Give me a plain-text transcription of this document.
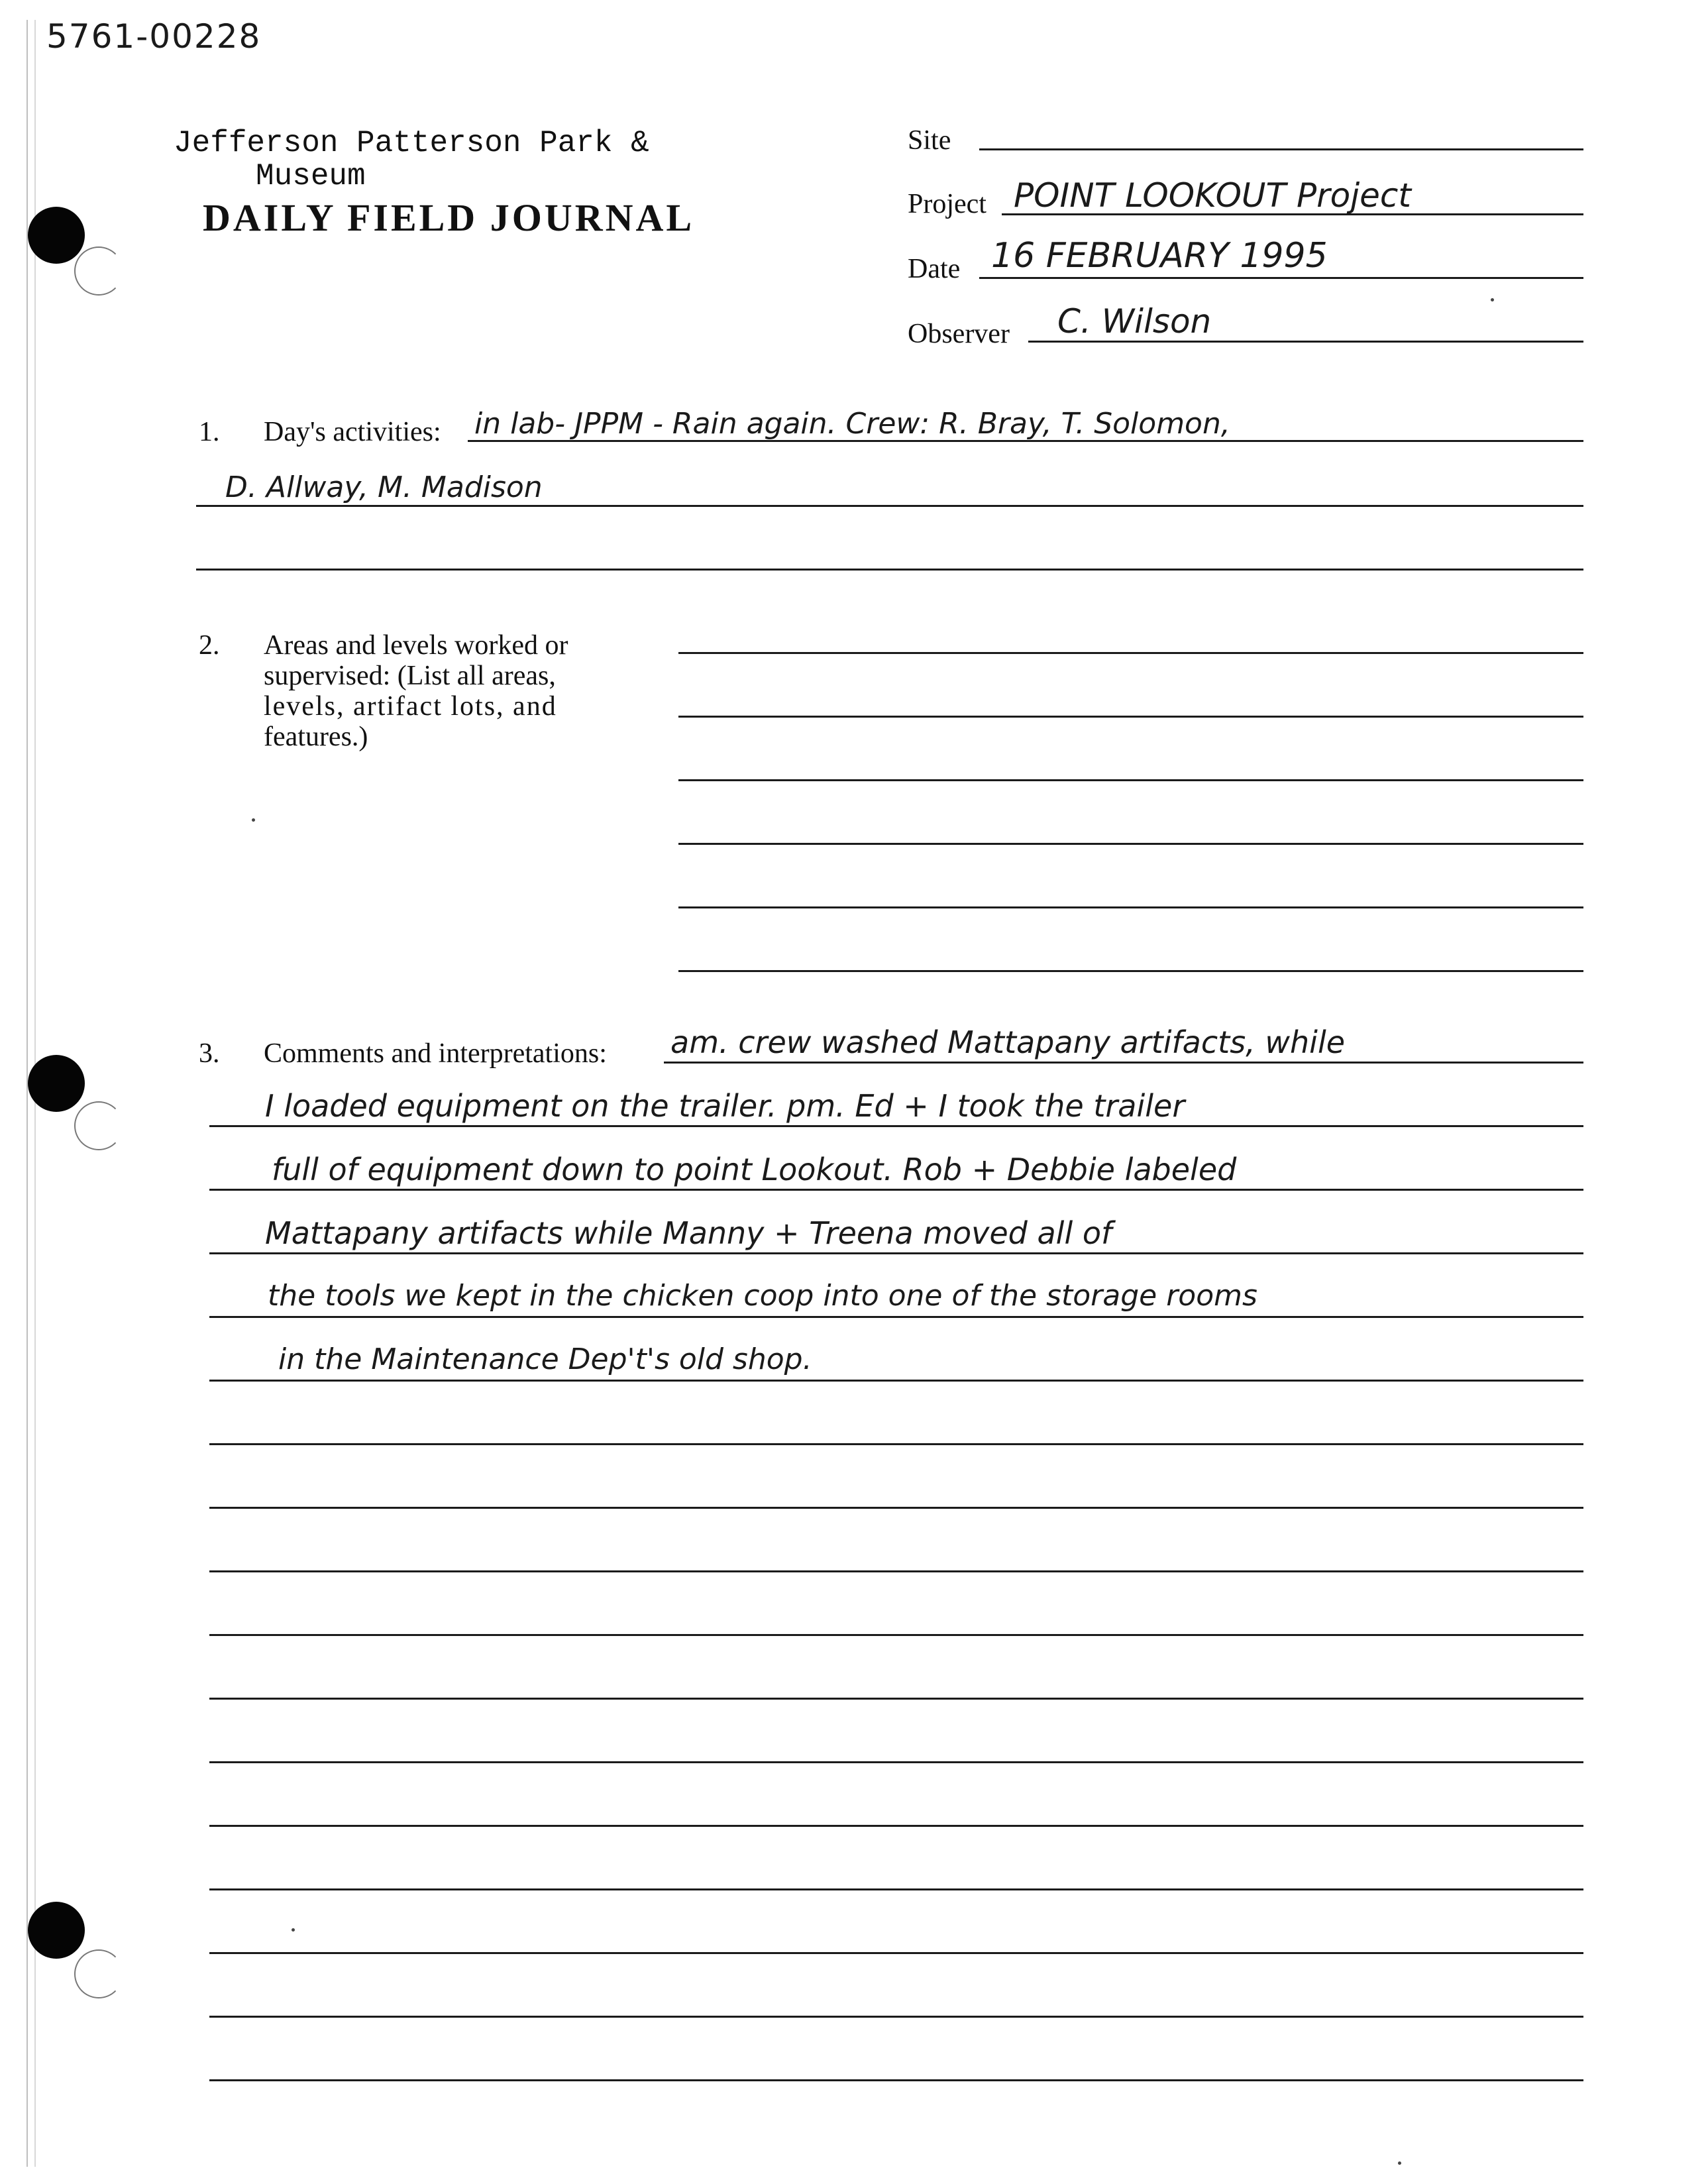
5761-00228
Jefferson Patterson Park &
Museum
DAILY FIELD JOURNAL
Site
Project POINT LOOKOUT Project
Date 16 FEBRUARY 1995
Observer C. Wilson
1. Day's activities: in lab- JPPM - Rain again. Crew: R. Bray, T. Solomon,
D. Allway, M. Madison
2. Areas and levels worked or
supervised: (List all areas,
levels, artifact lots, and
features.)
3. Comments and interpretations: am. crew washed Mattapany artifacts, while
I loaded equipment on the trailer. pm. Ed + I took the trailer
full of equipment down to point Lookout. Rob + Debbie labeled
Mattapany artifacts while Manny + Treena moved all of
the tools we kept in the chicken coop into one of the storage rooms
in the Maintenance Dep't's old shop.
